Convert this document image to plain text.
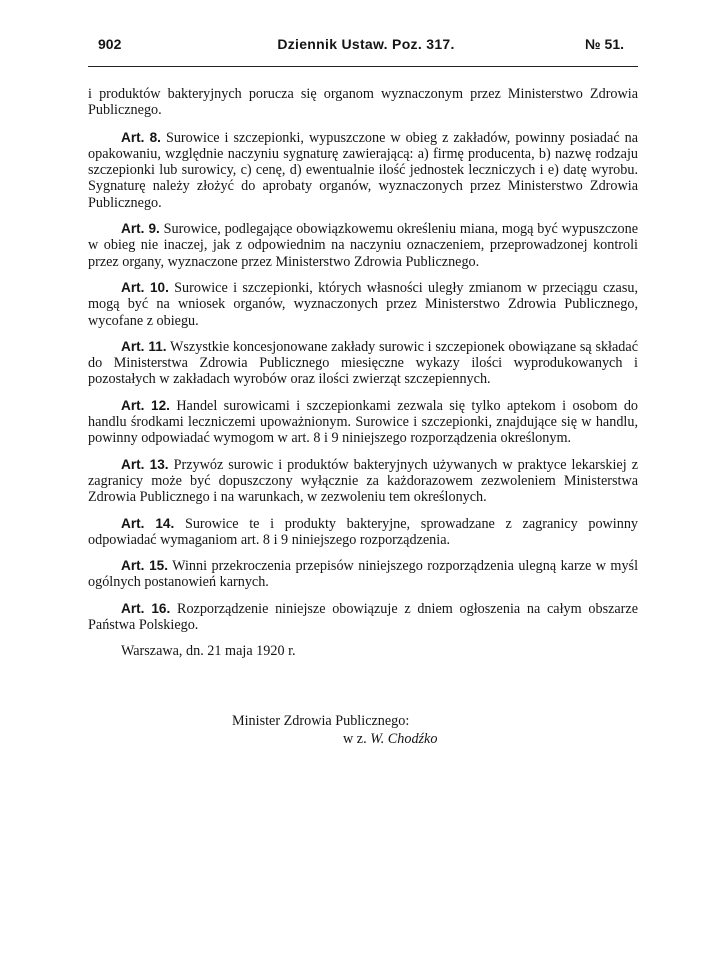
902	Dziennik Ustaw. Poz. 317.	№ 51.

i produktów bakteryjnych porucza się organom wyznaczonym przez Ministerstwo Zdrowia Publicznego.

Art. 8. Surowice i szczepionki, wypuszczone w obieg z zakładów, powinny posiadać na opakowaniu, względnie naczyniu sygnaturę zawierającą: a) firmę producenta, b) nazwę rodzaju szczepionki lub surowicy, c) cenę, d) ewentualnie ilość jednostek leczniczych i e) datę wyrobu. Sygnaturę należy złożyć do aprobaty organów, wyznaczonych przez Ministerstwo Zdrowia Publicznego.

Art. 9. Surowice, podlegające obowiązkowemu określeniu miana, mogą być wypuszczone w obieg nie inaczej, jak z odpowiednim na naczyniu oznaczeniem, przeprowadzonej kontroli przez organy, wyznaczone przez Ministerstwo Zdrowia Publicznego.

Art. 10. Surowice i szczepionki, których własności uległy zmianom w przeciągu czasu, mogą być na wniosek organów, wyznaczonych przez Ministerstwo Zdrowia Publicznego, wycofane z obiegu.

Art. 11. Wszystkie koncesjonowane zakłady surowic i szczepionek obowiązane są składać do Ministerstwa Zdrowia Publicznego miesięczne wykazy ilości wyprodukowanych i pozostałych w zakładach wyrobów oraz ilości zwierząt szczepiennych.

Art. 12. Handel surowicami i szczepionkami zezwala się tylko aptekom i osobom do handlu środkami leczniczemi upoważnionym. Surowice i szczepionki, znajdujące się w handlu, powinny odpowiadać wymogom w art. 8 i 9 niniejszego rozporządzenia określonym.

Art. 13. Przywóz surowic i produktów bakteryjnych używanych w praktyce lekarskiej z zagranicy może być dopuszczony wyłącznie za każdorazowem zezwoleniem Ministerstwa Zdrowia Publicznego i na warunkach, w zezwoleniu tem określonych.

Art. 14. Surowice te i produkty bakteryjne, sprowadzane z zagranicy powinny odpowiadać wymaganiom art. 8 i 9 niniejszego rozporządzenia.

Art. 15. Winni przekroczenia przepisów niniejszego rozporządzenia ulegną karze w myśl ogólnych postanowień karnych.

Art. 16. Rozporządzenie niniejsze obowiązuje z dniem ogłoszenia na całym obszarze Państwa Polskiego.

Warszawa, dn. 21 maja 1920 r.

Minister Zdrowia Publicznego:
w z. W. Chodźko
